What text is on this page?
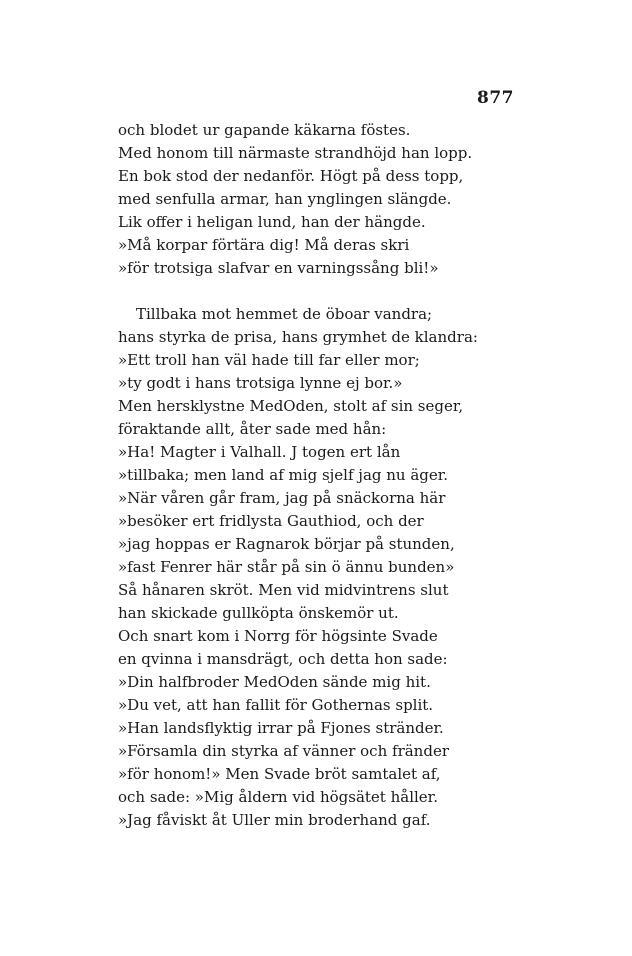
877
och blodet ur gapande käkarna föstes.
Med honom till närmaste strandhöjd han lopp.
En bok stod der nedanför. Högt på dess topp,
med senfulla armar, han ynglingen slängde.
Lik offer i heligan lund, han der hängde.
»Må korpar förtära dig! Må deras skri
»för trotsiga slafvar en varningssång bli!»
Tillbaka mot hemmet de öboar vandra;
hans styrka de prisa, hans grymhet de klandra:
»Ett troll han väl hade till far eller mor;
»ty godt i hans trotsiga lynne ej bor.»
Men hersklystne MedOden, stolt af sin seger,
föraktande allt, åter sade med hån:
»Ha! Magter i Valhall. J togen ert lån
»tillbaka; men land af mig sjelf jag nu äger.
»När våren går fram, jag på snäckorna här
»besöker ert fridlysta Gauthiod, och der
»jag hoppas er Ragnarok börjar på stunden,
»fast Fenrer här står på sin ö ännu bunden»
Så hånaren skröt. Men vid midvintrens slut
han skickade gullköpta önskemör ut.
Och snart kom i Norrg för högsinte Svade
en qvinna i mansdrägt, och detta hon sade:
»Din halfbroder MedOden sände mig hit.
»Du vet, att han fallit för Gothernas split.
»Han landsflyktig irrar på Fjones stränder.
»Församla din styrka af vänner och fränder
»för honom!» Men Svade bröt samtalet af,
och sade: »Mig åldern vid högsätet håller.
»Jag fåviskt åt Uller min broderhand gaf.
